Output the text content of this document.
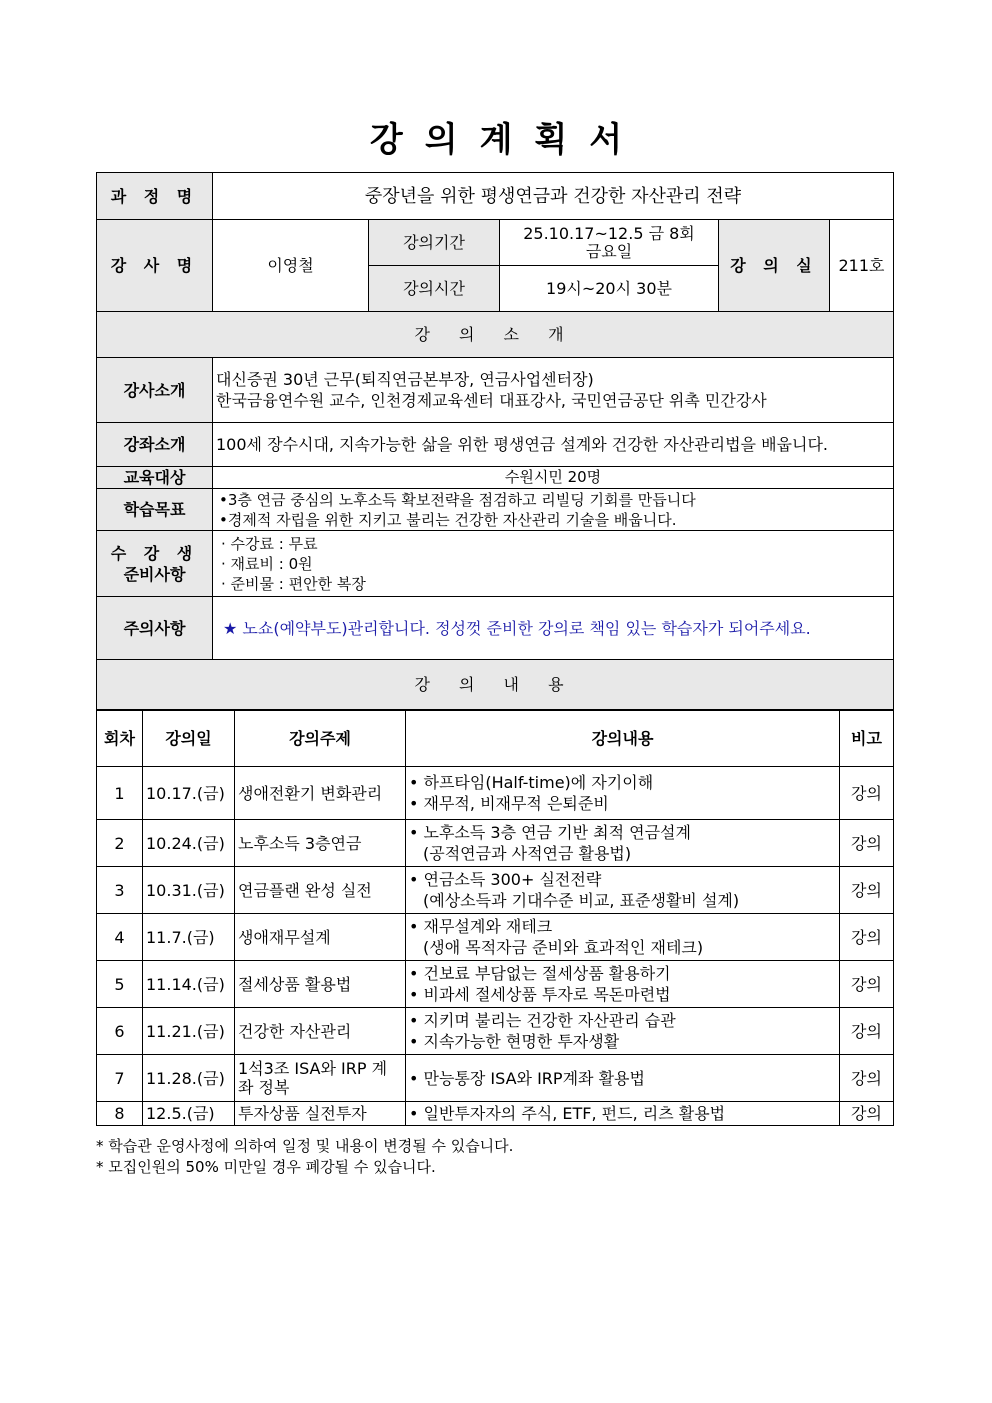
강의계획서
과 정 명	중장년을 위한 평생연금과 건강한 자산관리 전략				
강 사 명	이영철	강의기간	25.10.17~12.5 금 8회
금요일	강 의 실	211호
		강의시간	19시~20시 30분		
강 의 소 개					
강사소개	대신증권 30년 근무(퇴직연금본부장, 연금사업센터장)
한국금융연수원 교수, 인천경제교육센터 대표강사, 국민연금공단 위촉 민간강사				

강좌소개	100세 장수시대, 지속가능한 삶을 위한 평생연금 설계와 건강한 자산관리법을 배웁니다.				
교육대상	수원시민 20명				
학습목표	•3층 연금 중심의 노후소득 확보전략을 점검하고 리빌딩 기회를 만듭니다
•경제적 자립을 위한 지키고 불리는 건강한 자산관리 기술을 배웁니다.				

수 강 생
준비사항	· 수강료 : 무료
· 재료비 : 0원
· 준비물 : 편안한 복장				

주의사항	★ 노쇼(예약부도)관리합니다. 정성껏 준비한 강의로 책임 있는 학습자가 되어주세요.				
강 의 내 용					
회차	강의일	강의주제	강의내용	비고
1	10.17.(금)	생애전환기 변화관리	• 하프타임(Half-time)에 자기이해
• 재무적, 비재무적 은퇴준비	강의
2	10.24.(금)	노후소득 3층연금	• 노후소득 3층 연금 기반 최적 연금설계
(공적연금과 사적연금 활용법)	강의
3	10.31.(금)	연금플랜 완성 실전	• 연금소득 300+ 실전전략
(예상소득과 기대수준 비교, 표준생활비 설계)	강의
4	11.7.(금)	생애재무설계	• 재무설계와 재테크
(생애 목적자금 준비와 효과적인 재테크)	강의
5	11.14.(금)	절세상품 활용법	• 건보료 부담없는 절세상품 활용하기
• 비과세 절세상품 투자로 목돈마련법	강의
6	11.21.(금)	건강한 자산관리	• 지키며 불리는 건강한 자산관리 습관
• 지속가능한 현명한 투자생활	강의
7	11.28.(금)	1석3조 ISA와 IRP 계좌 정복	• 만능통장 ISA와 IRP계좌 활용법	강의
8	12.5.(금)	투자상품 실전투자	• 일반투자자의 주식, ETF, 펀드, 리츠 활용법	강의
* 학습관 운영사정에 의하여 일정 및 내용이 변경될 수 있습니다.
* 모집인원의 50% 미만일 경우 폐강될 수 있습니다.
